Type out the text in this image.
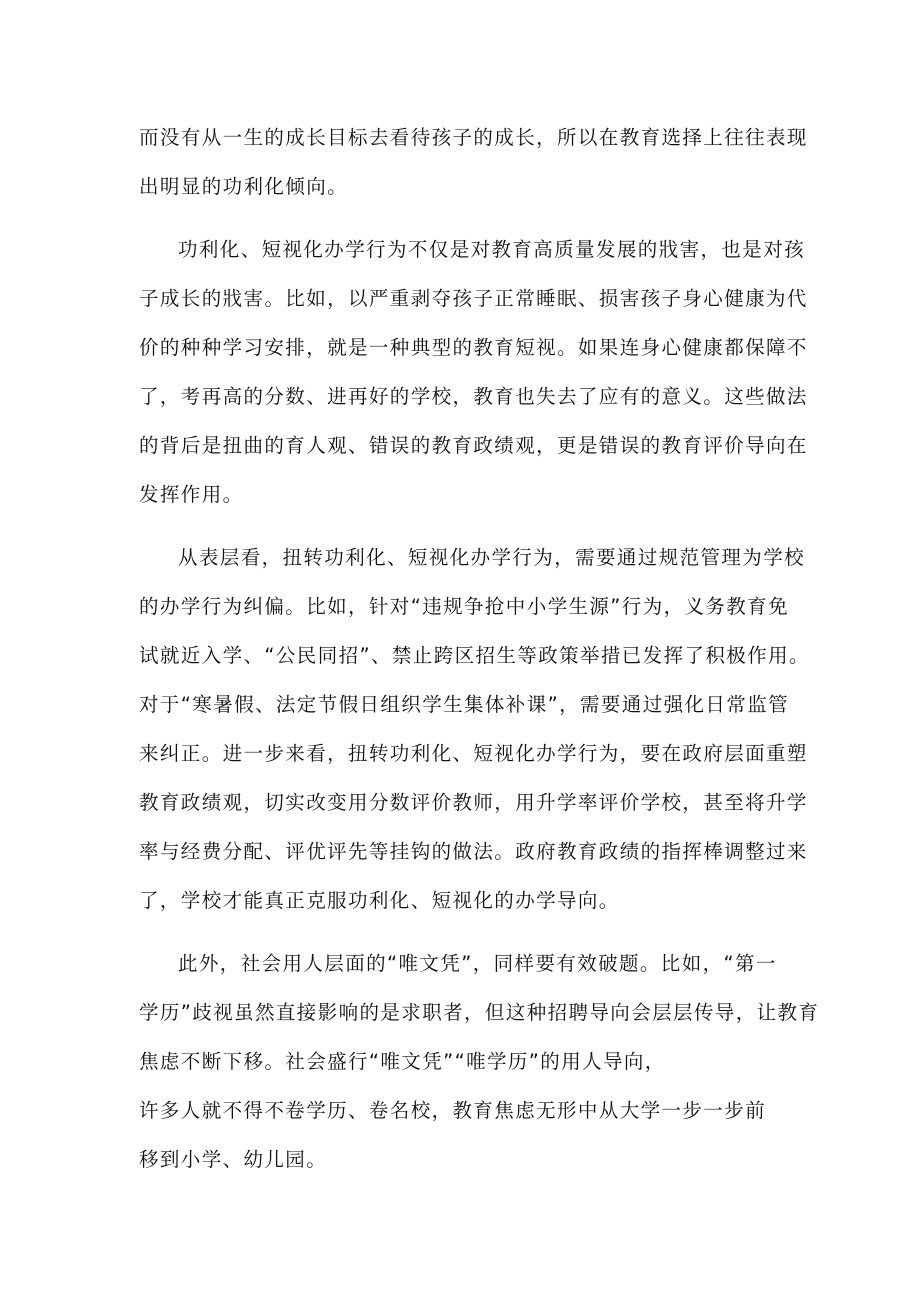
而没有从一生的成长目标去看待孩子的成长，所以在教育选择上往往表现
出明显的功利化倾向。
功利化、短视化办学行为不仅是对教育高质量发展的戕害，也是对孩
子成长的戕害。比如，以严重剥夺孩子正常睡眠、损害孩子身心健康为代
价的种种学习安排，就是一种典型的教育短视。如果连身心健康都保障不
了，考再高的分数、进再好的学校，教育也失去了应有的意义。这些做法
的背后是扭曲的育人观、错误的教育政绩观，更是错误的教育评价导向在
发挥作用。
从表层看，扭转功利化、短视化办学行为，需要通过规范管理为学校
的办学行为纠偏。比如，针对“违规争抢中小学生源”行为，义务教育免
试就近入学、“公民同招”、禁止跨区招生等政策举措已发挥了积极作用。
对于“寒暑假、法定节假日组织学生集体补课”，需要通过强化日常监管
来纠正。进一步来看，扭转功利化、短视化办学行为，要在政府层面重塑
教育政绩观，切实改变用分数评价教师，用升学率评价学校，甚至将升学
率与经费分配、评优评先等挂钩的做法。政府教育政绩的指挥棒调整过来
了，学校才能真正克服功利化、短视化的办学导向。
此外，社会用人层面的“唯文凭”，同样要有效破题。比如，“第一
学历”歧视虽然直接影响的是求职者，但这种招聘导向会层层传导，让教育
焦虑不断下移。社会盛行“唯文凭”“唯学历”的用人导向，
许多人就不得不卷学历、卷名校，教育焦虑无形中从大学一步一步前
移到小学、幼儿园。
